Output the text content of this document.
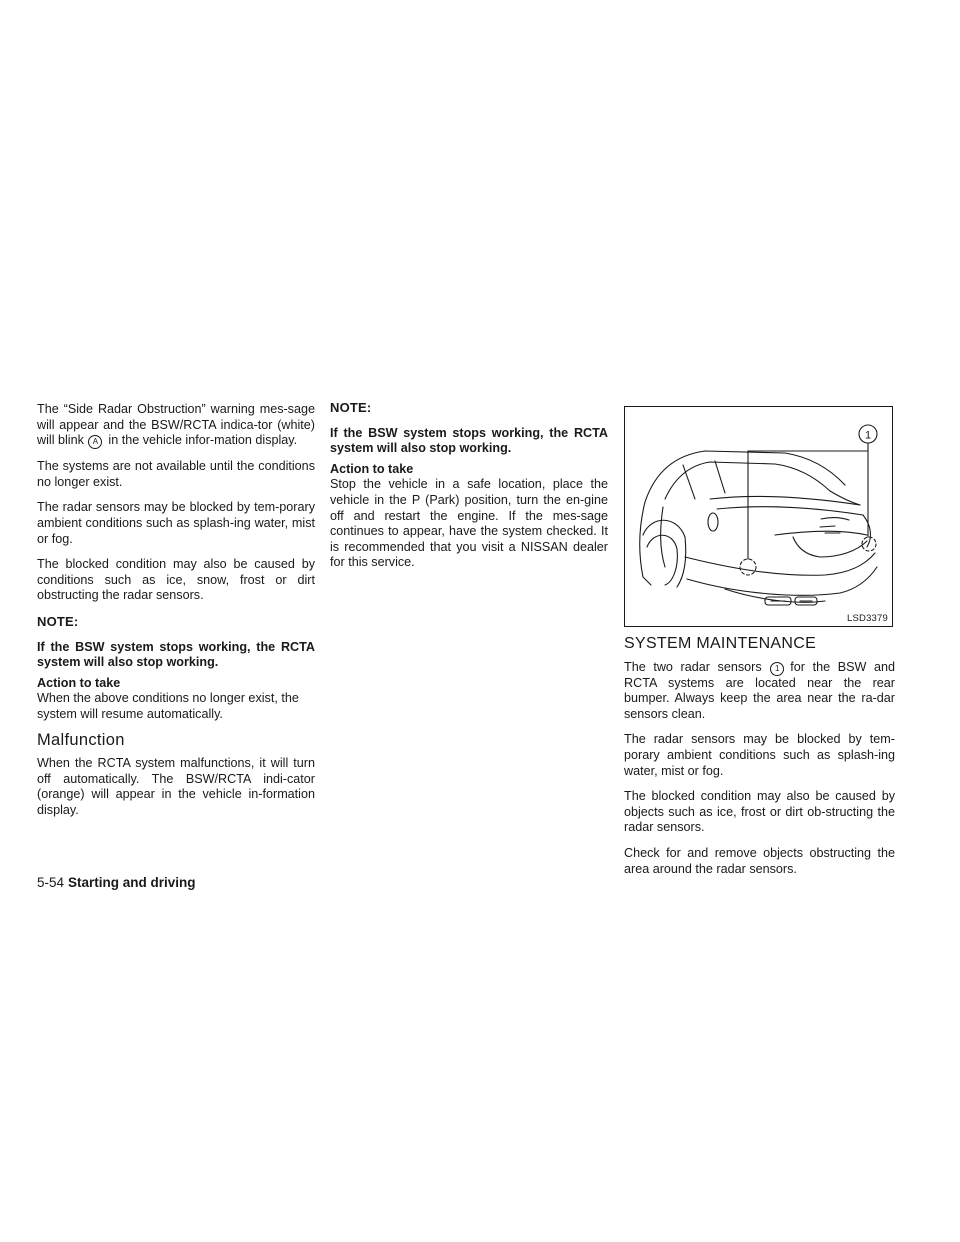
The “Side Radar Obstruction” warning mes-sage will appear and the BSW/RCTA indica-tor (white) will blink A in the vehicle infor-mation display.

The systems are not available until the conditions no longer exist.

The radar sensors may be blocked by tem-porary ambient conditions such as splash-ing water, mist or fog.

The blocked condition may also be caused by conditions such as ice, snow, frost or dirt obstructing the radar sensors.

NOTE:

If the BSW system stops working, the RCTA system will also stop working.

Action to take

When the above conditions no longer exist, the system will resume automatically.

Malfunction

When the RCTA system malfunctions, it will turn off automatically. The BSW/RCTA indi-cator (orange) will appear in the vehicle in-formation display.

NOTE:

If the BSW system stops working, the RCTA system will also stop working.

Action to take

Stop the vehicle in a safe location, place the vehicle in the P (Park) position, turn the en-gine off and restart the engine. If the mes-sage continues to appear, have the system checked. It is recommended that you visit a NISSAN dealer for this service.

1
LSD3379
SYSTEM MAINTENANCE

The two radar sensors 1 for the BSW and RCTA systems are located near the rear bumper. Always keep the area near the ra-dar sensors clean.

The radar sensors may be blocked by tem-porary ambient conditions such as splash-ing water, mist or fog.

The blocked condition may also be caused by objects such as ice, frost or dirt ob-structing the radar sensors.

Check for and remove objects obstructing the area around the radar sensors.

5-54 Starting and driving
